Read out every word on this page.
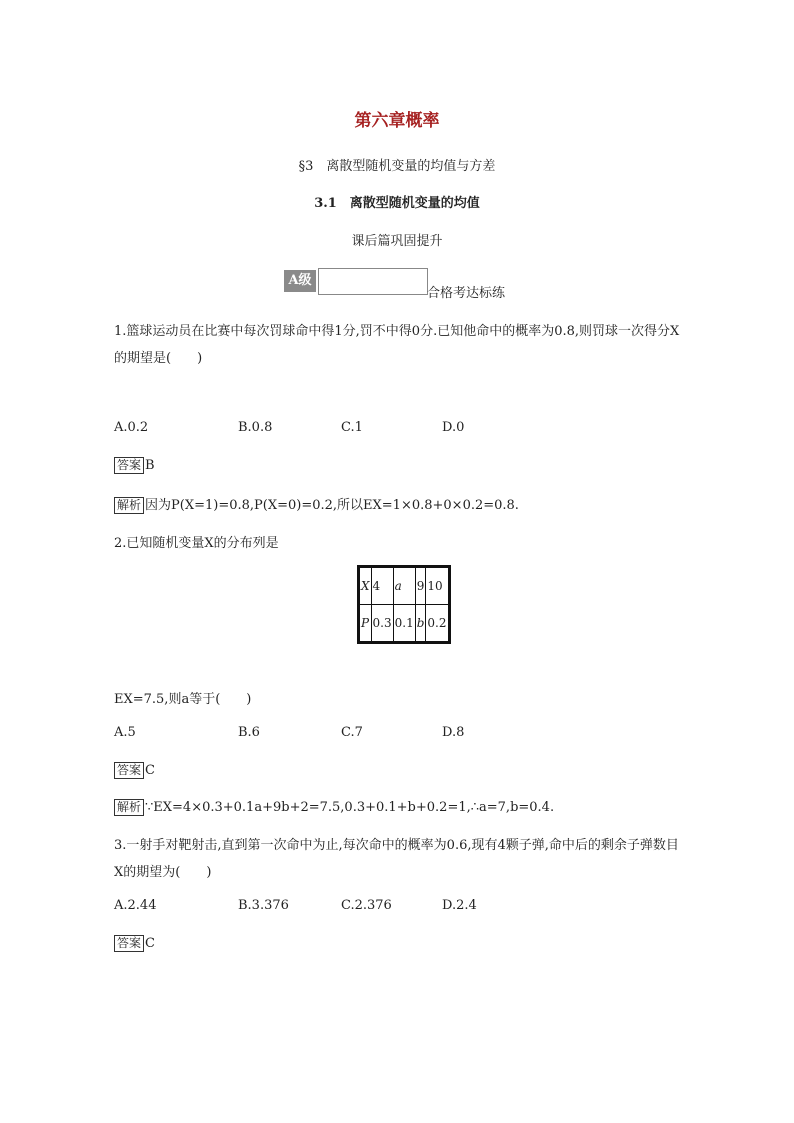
第六章概率
§3　离散型随机变量的均值与方差
3.1　离散型随机变量的均值
课后篇巩固提升
A级
合格考达标练
1.篮球运动员在比赛中每次罚球命中得1分,罚不中得0分.已知他命中的概率为0.8,则罚球一次得分X的期望是(　　)
A.0.2	B.0.8	C.1	D.0
答案 B
解析 因为P(X=1)=0.8,P(X=0)=0.2,所以EX=1×0.8+0×0.2=0.8.
2.已知随机变量X的分布列是
X	4	a	9	10
P	0.3	0.1	b	0.2
EX=7.5,则a等于(　　)
A.5	B.6	C.7	D.8
答案 C
解析 ∵EX=4×0.3+0.1a+9b+2=7.5,0.3+0.1+b+0.2=1,∴a=7,b=0.4.
3.一射手对靶射击,直到第一次命中为止,每次命中的概率为0.6,现有4颗子弹,命中后的剩余子弹数目X的期望为(　　)
A.2.44	B.3.376	C.2.376	D.2.4
答案 C
